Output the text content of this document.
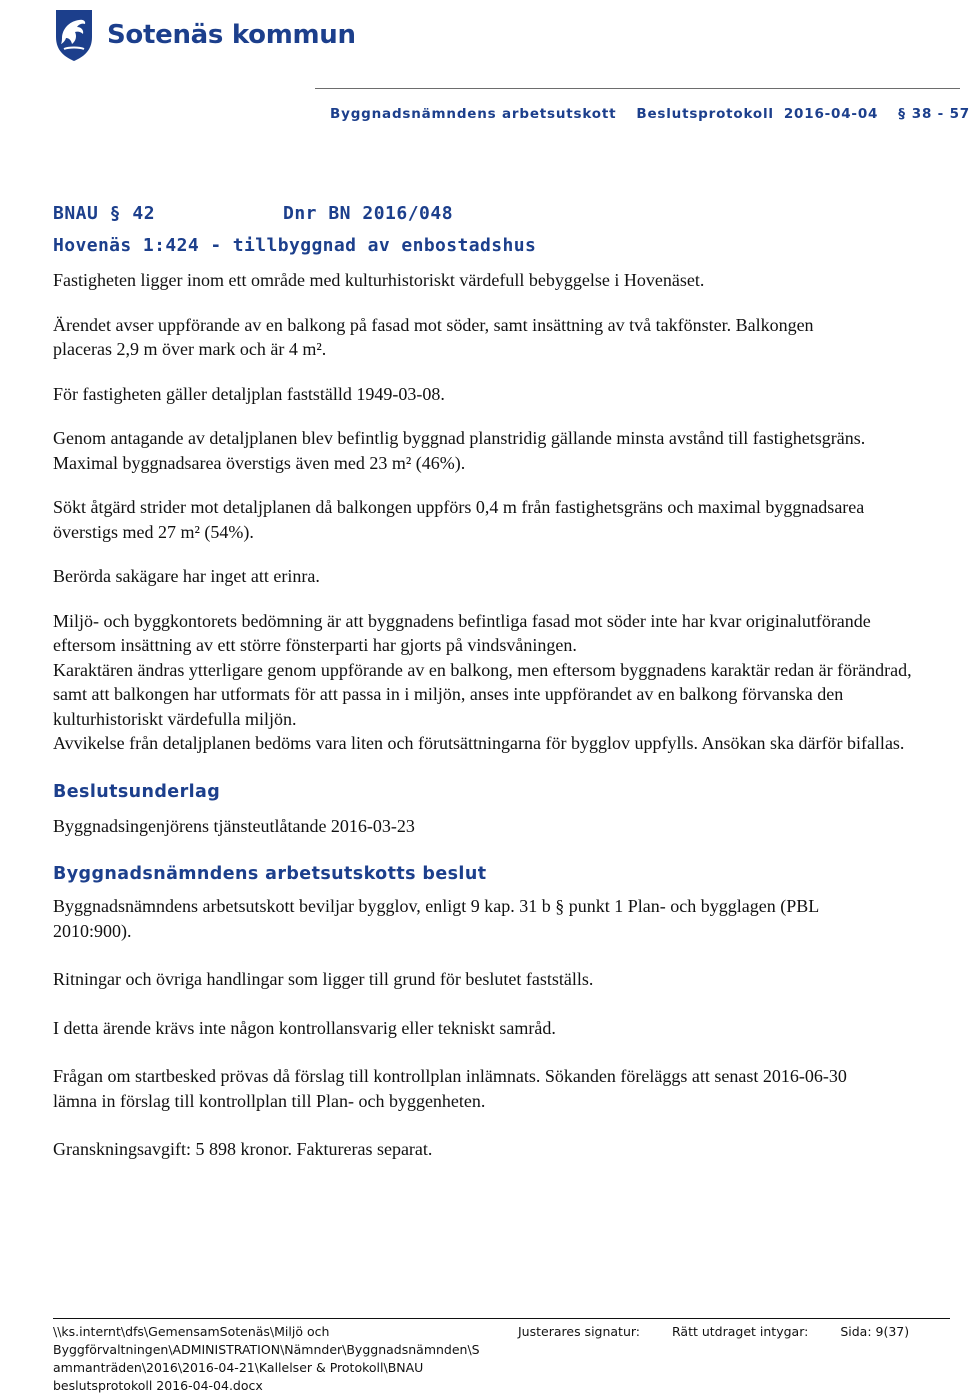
Sotenäs kommun
Byggnadsnämndens arbetsutskott Beslutsprotokoll 2016-04-04 § 38 - 57
BNAU § 42	Dnr BN 2016/048
Hovenäs 1:424 - tillbyggnad av enbostadshus

Fastigheten ligger inom ett område med kulturhistoriskt värdefull bebyggelse i Hovenäset.

Ärendet avser uppförande av en balkong på fasad mot söder, samt insättning av två takfönster. Balkongen placeras 2,9 m över mark och är 4 m².

För fastigheten gäller detaljplan fastställd 1949-03-08.

Genom antagande av detaljplanen blev befintlig byggnad planstridig gällande minsta avstånd till fastighetsgräns. Maximal byggnadsarea överstigs även med 23 m² (46%).

Sökt åtgärd strider mot detaljplanen då balkongen uppförs 0,4 m från fastighetsgräns och maximal byggnadsarea överstigs med 27 m² (54%).

Berörda sakägare har inget att erinra.

Miljö- och byggkontorets bedömning är att byggnadens befintliga fasad mot söder inte har kvar originalutförande eftersom insättning av ett större fönsterparti har gjorts på vindsvåningen.

Karaktären ändras ytterligare genom uppförande av en balkong, men eftersom byggnadens karaktär redan är förändrad, samt att balkongen har utformats för att passa in i miljön, anses inte uppförandet av en balkong förvanska den kulturhistoriskt värdefulla miljön.

Avvikelse från detaljplanen bedöms vara liten och förutsättningarna för bygglov uppfylls. Ansökan ska därför bifallas.

Beslutsunderlag

Byggnadsingenjörens tjänsteutlåtande 2016-03-23

Byggnadsnämndens arbetsutskotts beslut

Byggnadsnämndens arbetsutskott beviljar bygglov, enligt 9 kap. 31 b § punkt 1 Plan- och bygglagen (PBL 2010:900).

Ritningar och övriga handlingar som ligger till grund för beslutet fastställs.

I detta ärende krävs inte någon kontrollansvarig eller tekniskt samråd.

Frågan om startbesked prövas då förslag till kontrollplan inlämnats. Sökanden föreläggs att senast 2016-06-30 lämna in förslag till kontrollplan till Plan- och byggenheten.

Granskningsavgift: 5 898 kronor. Faktureras separat.

\\ks.internt\dfs\GemensamSotenäs\Miljö och
Byggförvaltningen\ADMINISTRATION\Nämnder\Byggnadsnämnden\S
ammanträden\2016\2016-04-21\Kallelser & Protokoll\BNAU
beslutsprotokoll 2016-04-04.docx
Justerares signatur:	Rätt utdraget intygar:	Sida: 9(37)
